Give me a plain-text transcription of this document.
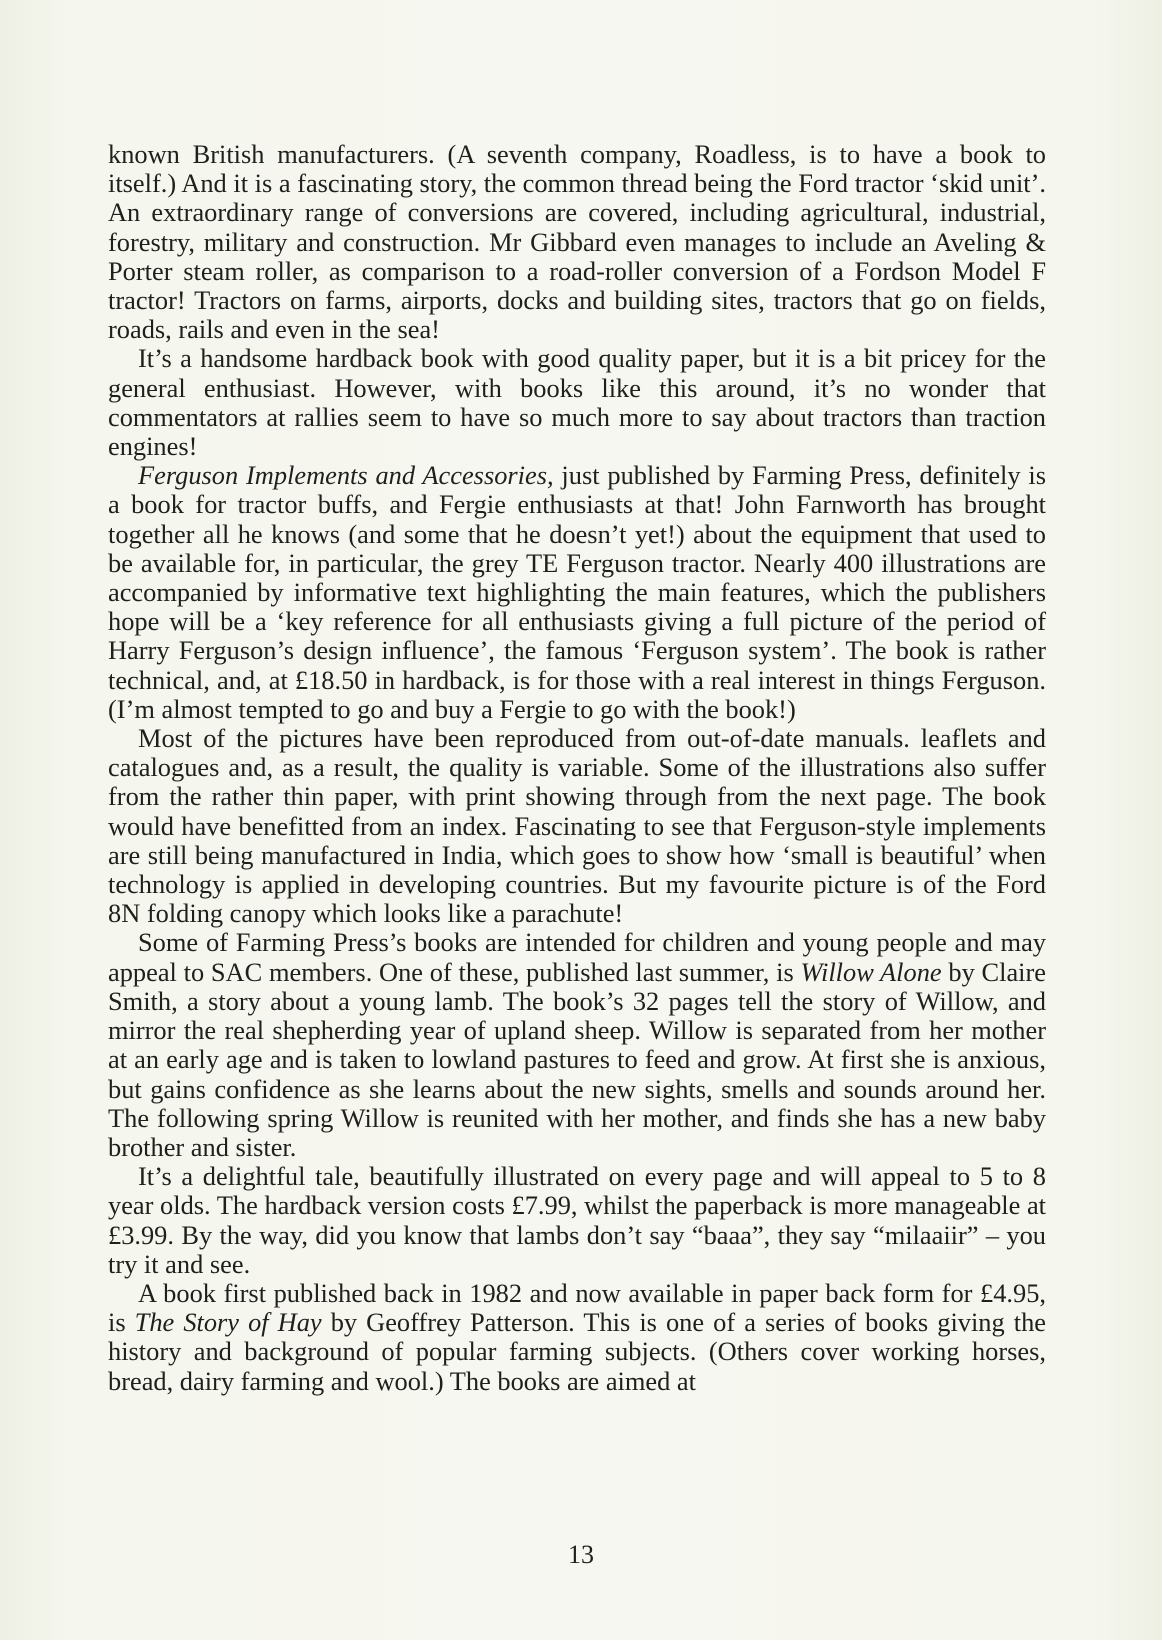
known British manufacturers. (A seventh company, Roadless, is to have a book to itself.) And it is a fascinating story, the common thread being the Ford tractor ‘skid unit’. An extraordinary range of conversions are covered, including agricultural, industrial, forestry, military and construction. Mr Gibbard even manages to include an Aveling & Porter steam roller, as comparison to a road-roller conversion of a Fordson Model F tractor! Tractors on farms, airports, docks and building sites, tractors that go on fields, roads, rails and even in the sea!

It’s a handsome hardback book with good quality paper, but it is a bit pricey for the general enthusiast. However, with books like this around, it’s no wonder that commentators at rallies seem to have so much more to say about tractors than traction engines!

Ferguson Implements and Accessories, just published by Farming Press, definitely is a book for tractor buffs, and Fergie enthusiasts at that! John Farnworth has brought together all he knows (and some that he doesn’t yet!) about the equipment that used to be available for, in particular, the grey TE Ferguson tractor. Nearly 400 illustrations are accompanied by informative text highlighting the main features, which the publishers hope will be a ‘key reference for all enthusiasts giving a full picture of the period of Harry Ferguson’s design influence’, the famous ‘Ferguson system’. The book is rather technical, and, at £18.50 in hardback, is for those with a real interest in things Ferguson. (I’m almost tempted to go and buy a Fergie to go with the book!)

Most of the pictures have been reproduced from out-of-date manuals. leaflets and catalogues and, as a result, the quality is variable. Some of the illustrations also suffer from the rather thin paper, with print showing through from the next page. The book would have benefitted from an index. Fascinating to see that Ferguson-style implements are still being manufactured in India, which goes to show how ‘small is beautiful’ when technology is applied in developing countries. But my favourite picture is of the Ford 8N folding canopy which looks like a parachute!

Some of Farming Press’s books are intended for children and young people and may appeal to SAC members. One of these, published last summer, is Willow Alone by Claire Smith, a story about a young lamb. The book’s 32 pages tell the story of Willow, and mirror the real shepherding year of upland sheep. Willow is separated from her mother at an early age and is taken to lowland pastures to feed and grow. At first she is anxious, but gains confidence as she learns about the new sights, smells and sounds around her. The following spring Willow is reunited with her mother, and finds she has a new baby brother and sister.

It’s a delightful tale, beautifully illustrated on every page and will appeal to 5 to 8 year olds. The hardback version costs £7.99, whilst the paperback is more manageable at £3.99. By the way, did you know that lambs don’t say “baaa”, they say “milaaiir” – you try it and see.

A book first published back in 1982 and now available in paper back form for £4.95, is The Story of Hay by Geoffrey Patterson. This is one of a series of books giving the history and background of popular farming subjects. (Others cover working horses, bread, dairy farming and wool.) The books are aimed at

13
